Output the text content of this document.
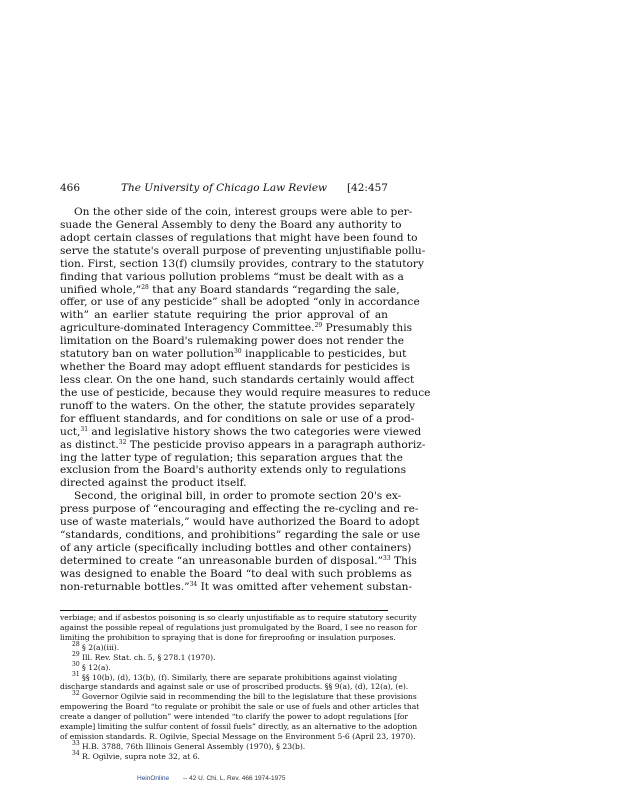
466	The University of Chicago Law Review	[42:457
On the other side of the coin, interest groups were able to per-
suade the General Assembly to deny the Board any authority to
adopt certain classes of regulations that might have been found to
serve the statute's overall purpose of preventing unjustifiable pollu-
tion. First, section 13(f) clumsily provides, contrary to the statutory
finding that various pollution problems “must be dealt with as a
unified whole,”$^{28}$ that any Board standards “regarding the sale,
offer, or use of any pesticide” shall be adopted “only in accordance
with” an earlier statute requiring the prior approval of an
agriculture-dominated Interagency Committee.$^{29}$ Presumably this
limitation on the Board's rulemaking power does not render the
statutory ban on water pollution$^{30}$ inapplicable to pesticides, but
whether the Board may adopt effluent standards for pesticides is
less clear. On the one hand, such standards certainly would affect
the use of pesticide, because they would require measures to reduce
runoff to the waters. On the other, the statute provides separately
for effluent standards, and for conditions on sale or use of a prod-
uct,$^{31}$ and legislative history shows the two categories were viewed
as distinct.$^{32}$ The pesticide proviso appears in a paragraph authoriz-
ing the latter type of regulation; this separation argues that the
exclusion from the Board's authority extends only to regulations
directed against the product itself.
Second, the original bill, in order to promote section 20's ex-
press purpose of “encouraging and effecting the re-cycling and re-
use of waste materials,” would have authorized the Board to adopt
“standards, conditions, and prohibitions” regarding the sale or use
of any article (specifically including bottles and other containers)
determined to create “an unreasonable burden of disposal.”$^{33}$ This
was designed to enable the Board “to deal with such problems as
non-returnable bottles.”$^{34}$ It was omitted after vehement substan-
verbiage; and if asbestos poisoning is so clearly unjustifiable as to require statutory security
against the possible repeal of regulations just promulgated by the Board, I see no reason for
limiting the prohibition to spraying that is done for fireproofing or insulation purposes.
$^{28}$ § 2(a)(iii).
$^{29}$ Ill. Rev. Stat. ch. 5, § 278.1 (1970).
$^{30}$ § 12(a).
$^{31}$ §§ 10(b), (d), 13(b), (f). Similarly, there are separate prohibitions against violating
discharge standards and against sale or use of proscribed products. §§ 9(a), (d), 12(a), (e).
$^{32}$ Governor Ogilvie said in recommending the bill to the legislature that these provisions
empowering the Board “to regulate or prohibit the sale or use of fuels and other articles that
create a danger of pollution” were intended “to clarify the power to adopt regulations [for
example] limiting the sulfur content of fossil fuels” directly, as an alternative to the adoption
of emission standards. R. Ogilvie, Special Message on the Environment 5-6 (April 23, 1970).
$^{33}$ H.B. 3788, 76th Illinois General Assembly (1970), § 23(b).
$^{34}$ R. Ogilvie, supra note 32, at 6.
HeinOnline -- 42 U. Chi. L. Rev. 466 1974-1975
